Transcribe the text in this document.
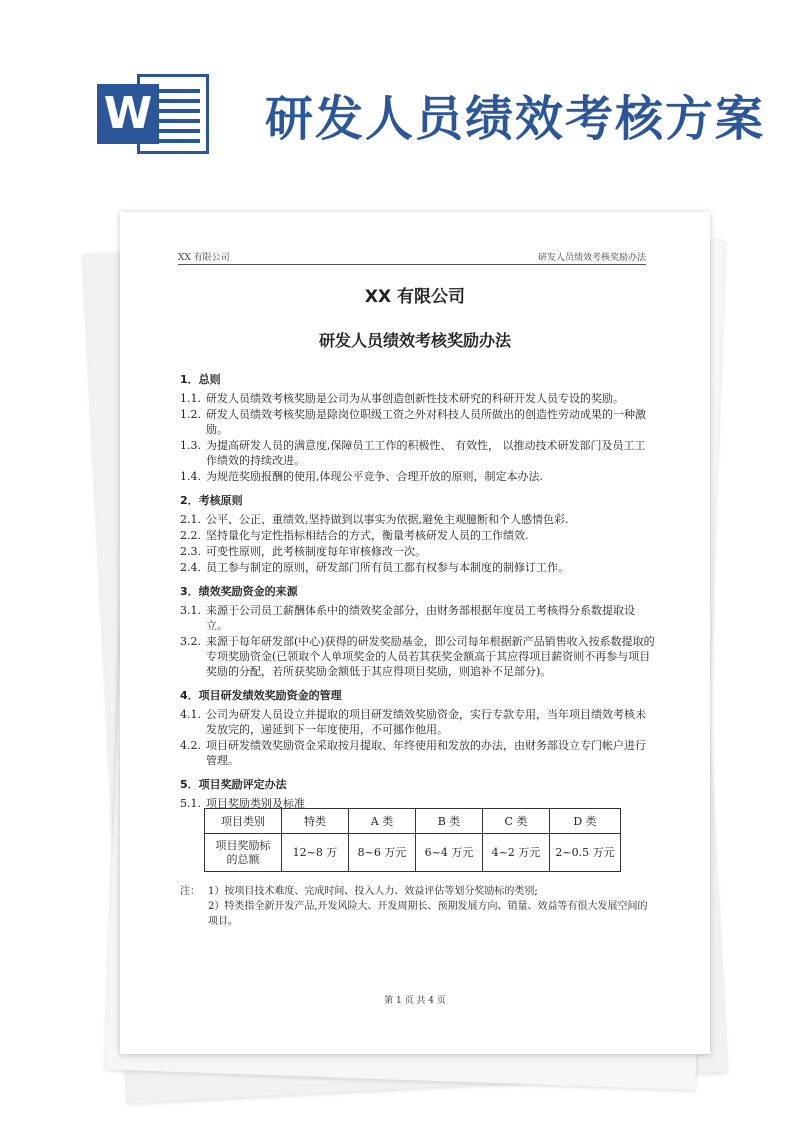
W 研发人员绩效考核方案
XX 有限公司	研发人员绩效考核奖励办法
XX 有限公司
研发人员绩效考核奖励办法
1．总则
1.1. 研发人员绩效考核奖励是公司为从事创造创新性技术研究的科研开发人员专设的奖励。
1.2. 研发人员绩效考核奖励是除岗位职级工资之外对科技人员所做出的创造性劳动成果的一种激励。
1.3. 为提高研发人员的满意度,保障员工工作的积极性、 有效性， 以推动技术研发部门及员工工作绩效的持续改进。
1.4. 为规范奖励报酬的使用,体现公平竞争、合理开放的原则，制定本办法.
2．考核原则
2.1. 公平、公正、重绩效,坚持做到以事实为依据,避免主观臆断和个人感情色彩.
2.2. 坚持量化与定性指标相结合的方式，衡量考核研发人员的工作绩效.
2.3. 可变性原则，此考核制度每年审核修改一次。
2.4. 员工参与制定的原则，研发部门所有员工都有权参与本制度的制修订工作。
3．绩效奖励资金的来源
3.1. 来源于公司员工薪酬体系中的绩效奖金部分，由财务部根据年度员工考核得分系数提取设立。
3.2. 来源于每年研发部(中心)获得的研发奖励基金，即公司每年根据新产品销售收入按系数提取的专项奖励资金(已领取个人单项奖金的人员若其获奖金额高于其应得项目薪资则不再参与项目奖励的分配，若所获奖励金额低于其应得项目奖励，则追补不足部分)。
4．项目研发绩效奖励资金的管理
4.1. 公司为研发人员设立并提取的项目研发绩效奖励资金，实行专款专用，当年项目绩效考核未发放完的，递延到下一年度使用，不可挪作他用。
4.2. 项目研发绩效奖励资金采取按月提取、年终使用和发放的办法，由财务部设立专门帐户进行管理。
5．项目奖励评定办法
5.1. 项目奖励类别及标准
项目类别	特类	A 类	B 类	C 类	D 类
项目奖励标的总额	12~8 万	8~6 万元	6~4 万元	4~2 万元	2~0.5 万元
注： 1）按项目技术难度、完成时间、投入人力、效益评估等划分奖励标的类别;
2）特类指全新开发产品,开发风险大、开发周期长、预期发展方向、销量、效益等有很大发展空间的项目。
第 1 页 共 4 页
